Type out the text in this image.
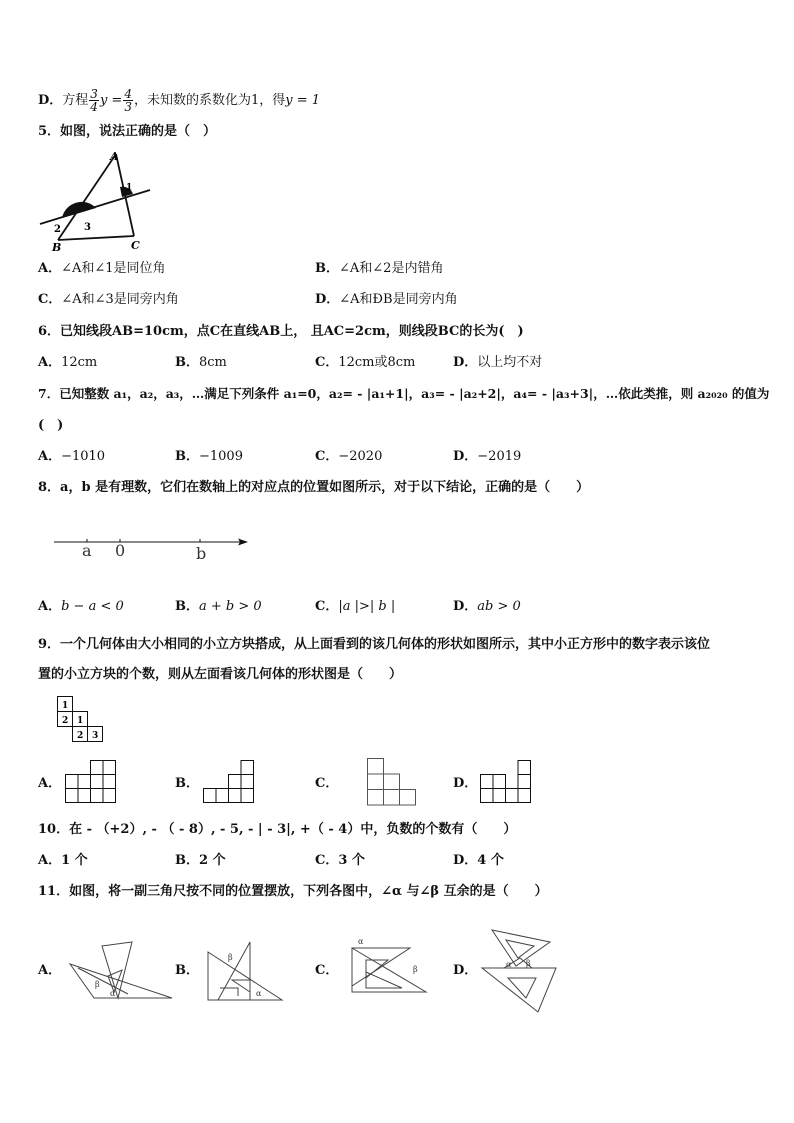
D．方程 $\frac{3}{4}$ $y = \frac{4}{3}$ ，未知数的系数化为1，得y = 1
5．如图，说法正确的是（　）
A
B	C
1
2 3
A．∠A和∠1是同位角	B．∠A和∠2是内错角
C．∠A和∠3是同旁内角	D．∠A和ÐB是同旁内角
6．已知线段AB=10cm，点C在直线AB上， 且AC=2cm，则线段BC的长为(　)
A．12cm	B．8cm	C．12cm或8cm	D．以上均不对
7．已知整数 a₁，a₂，a₃，…满足下列条件 a₁=0，a₂= - |a₁+1|，a₃= - |a₂+2|，a₄= - |a₃+3|，…依此类推，则 a₂₀₂₀ 的值为
(　)
A．−1010	B．−1009	C．−2020	D．−2019
8．a，b 是有理数，它们在数轴上的对应点的位置如图所示，对于以下结论，正确的是（　　）
a 0	b
A．b − a < 0	B．a + b > 0	C．|a |>| b |	D．ab > 0
9．一个几何体由大小相同的小立方块搭成，从上面看到的该几何体的形状如图所示，其中小正方形中的数字表示该位
置的小立方块的个数，则从左面看该几何体的形状图是（　　）
1
2 1
2 3
A．	B．	C．	D．
10．在 - （+2）, - （ - 8）, - 5, - | - 3|, +（ - 4）中，负数的个数有（　　）
A．1 个	B．2 个	C．3 个	D．4 个
11．如图，将一副三角尺按不同的位置摆放，下列各图中，∠α 与∠β 互余的是（　　）
A．
β
α
B．
β
α
C．
α
β	D．	α β
